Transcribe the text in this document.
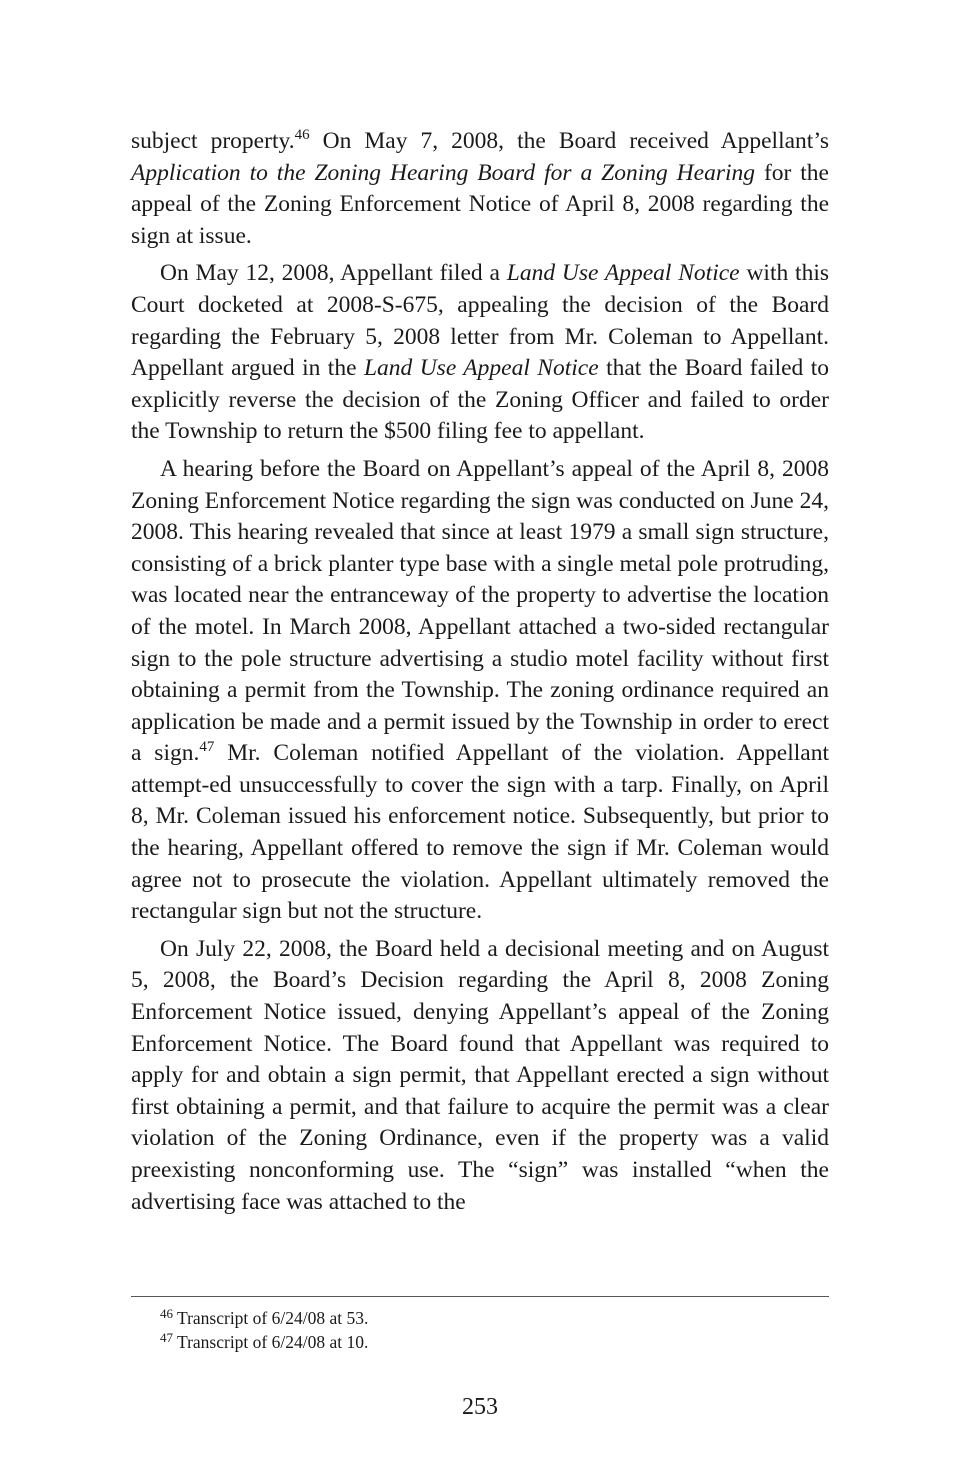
subject property.$^{46}$ On May 7, 2008, the Board received Appellant’s Application to the Zoning Hearing Board for a Zoning Hearing for the appeal of the Zoning Enforcement Notice of April 8, 2008 regarding the sign at issue.

On May 12, 2008, Appellant filed a Land Use Appeal Notice with this Court docketed at 2008-S-675, appealing the decision of the Board regarding the February 5, 2008 letter from Mr. Coleman to Appellant. Appellant argued in the Land Use Appeal Notice that the Board failed to explicitly reverse the decision of the Zoning Officer and failed to order the Township to return the $500 filing fee to appellant.

A hearing before the Board on Appellant’s appeal of the April 8, 2008 Zoning Enforcement Notice regarding the sign was conducted on June 24, 2008. This hearing revealed that since at least 1979 a small sign structure, consisting of a brick planter type base with a single metal pole protruding, was located near the entranceway of the property to advertise the location of the motel. In March 2008, Appellant attached a two-sided rectangular sign to the pole structure advertising a studio motel facility without first obtaining a permit from the Township. The zoning ordinance required an application be made and a permit issued by the Township in order to erect a sign.$^{47}$ Mr. Coleman notified Appellant of the violation. Appellant attempt-ed unsuccessfully to cover the sign with a tarp. Finally, on April 8, Mr. Coleman issued his enforcement notice. Subsequently, but prior to the hearing, Appellant offered to remove the sign if Mr. Coleman would agree not to prosecute the violation. Appellant ultimately removed the rectangular sign but not the structure.

On July 22, 2008, the Board held a decisional meeting and on August 5, 2008, the Board’s Decision regarding the April 8, 2008 Zoning Enforcement Notice issued, denying Appellant’s appeal of the Zoning Enforcement Notice. The Board found that Appellant was required to apply for and obtain a sign permit, that Appellant erected a sign without first obtaining a permit, and that failure to acquire the permit was a clear violation of the Zoning Ordinance, even if the property was a valid preexisting nonconforming use. The “sign” was installed “when the advertising face was attached to the

$^{46}$ Transcript of 6/24/08 at 53.

$^{47}$ Transcript of 6/24/08 at 10.

253
